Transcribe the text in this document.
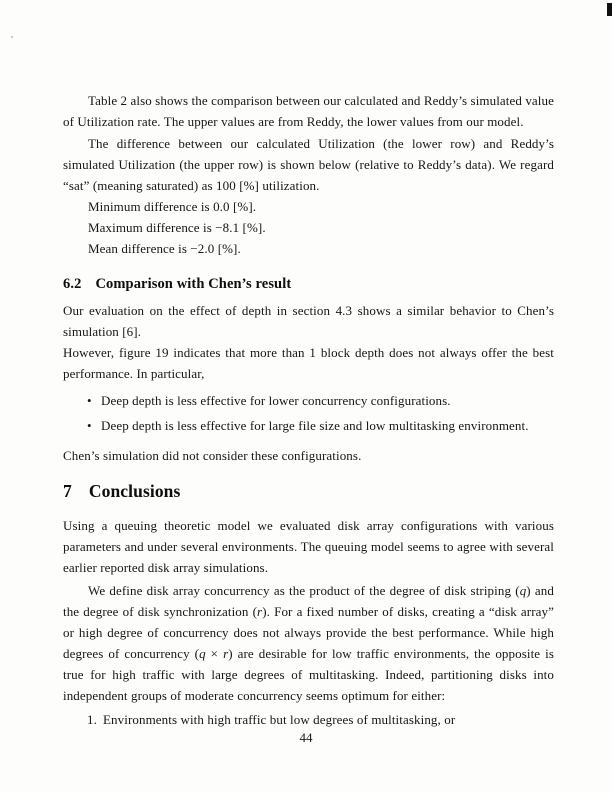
Table 2 also shows the comparison between our calculated and Reddy’s simulated value of Utilization rate. The upper values are from Reddy, the lower values from our model.

The difference between our calculated Utilization (the lower row) and Reddy’s simulated Utilization (the upper row) is shown below (relative to Reddy’s data). We regard “sat” (meaning saturated) as 100 [%] utilization.

Minimum difference is 0.0 [%].
Maximum difference is −8.1 [%].
Mean difference is −2.0 [%].
6.2 Comparison with Chen’s result

Our evaluation on the effect of depth in section 4.3 shows a similar behavior to Chen’s simulation [6].

However, figure 19 indicates that more than 1 block depth does not always offer the best performance. In particular,

• Deep depth is less effective for lower concurrency configurations.
• Deep depth is less effective for large file size and low multitasking environment.

Chen’s simulation did not consider these configurations.

7 Conclusions

Using a queuing theoretic model we evaluated disk array configurations with various parameters and under several environments. The queuing model seems to agree with several earlier reported disk array simulations.

We define disk array concurrency as the product of the degree of disk striping (q) and the degree of disk synchronization (r). For a fixed number of disks, creating a “disk array” or high degree of concurrency does not always provide the best performance. While high degrees of concurrency (q × r) are desirable for low traffic environments, the opposite is true for high traffic with large degrees of multitasking. Indeed, partitioning disks into independent groups of moderate concurrency seems optimum for either:

1. Environments with high traffic but low degrees of multitasking, or
44
